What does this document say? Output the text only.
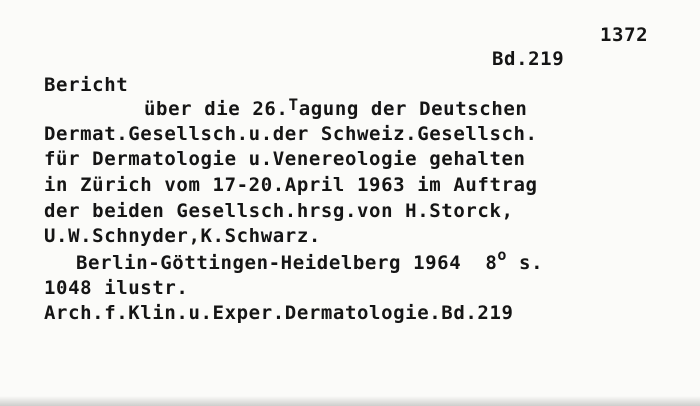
1372
Bd.219
Bericht
über die 26.$^T$agung der Deutschen
Dermat.Gesellsch.u.der Schweiz.Gesellsch.
für Dermatologie u.Venereologie gehalten
in Zürich vom 17-20.April 1963 im Auftrag
der beiden Gesellsch.hrsg.von H.Storck,
U.W.Schnyder,K.Schwarz.
Berlin-Göttingen-Heidelberg 1964  8$^o$ s.
1048 ilustr.
Arch.f.Klin.u.Exper.Dermatologie.Bd.219
